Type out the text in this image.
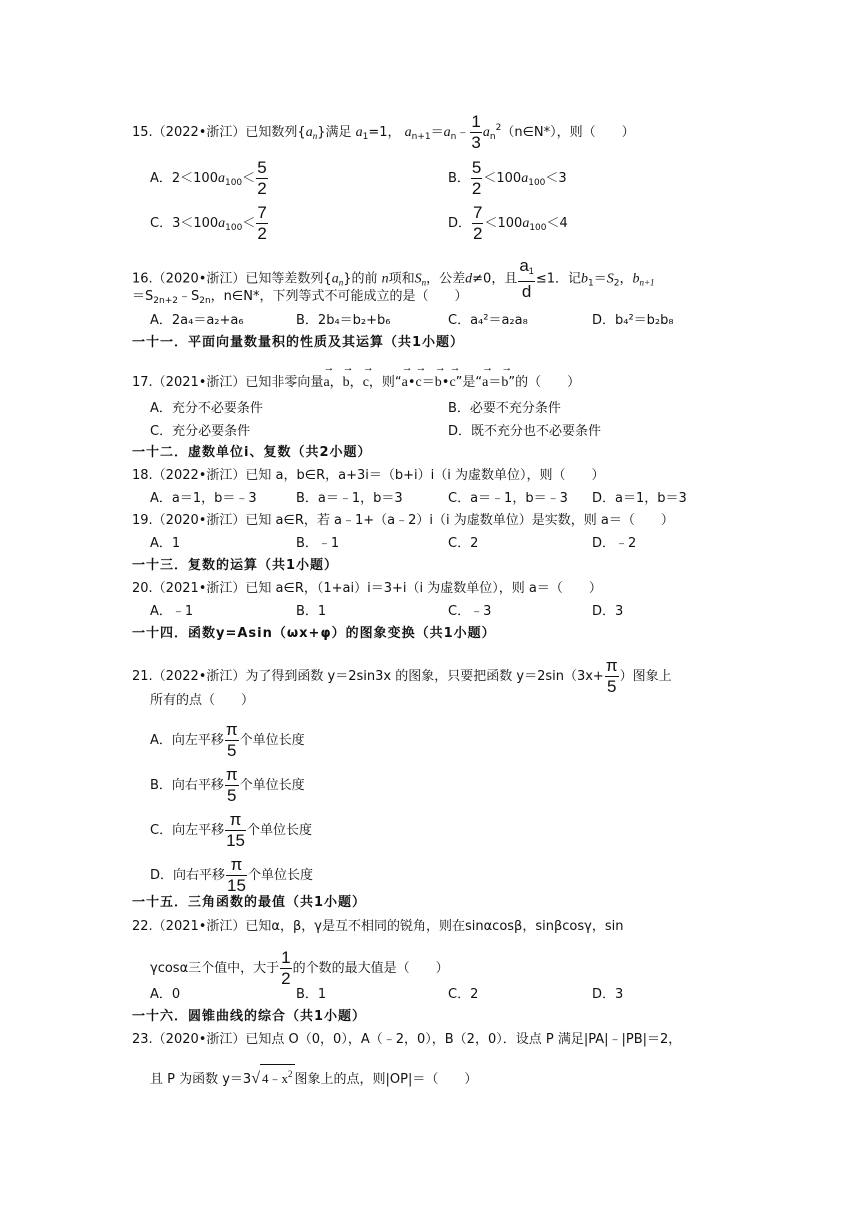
15.（2022•浙江）已知数列$\{a_n\}$满足 $a_1=1$， $a_{n+1}=a_n﹣ \frac{1}{3}$ $a_n^2(n\in N*)$，则（　　）
A．$2<100a_{100}< \frac{5}{2}$	B． $\frac{5}{2} <100a_{100}<3$
C．$3<100a_{100}< \frac{7}{2}$	D． $\frac{7}{2} <100a_{100}<4$
16.（2020•浙江）已知等差数列$\{a_n\}$的前 n项和$S_n$，公差d≠0，且 $\frac{a_1}{d} \le 1$．记$b_1=S_2$，$b_{n+1}$
$=S_{2n+2}﹣S_{2n}$，n∈N*，下列等式不可能成立的是（　　）
A．2a₄＝a₂+a₆	B．2b₄＝b₂+b₆	C．a₄²＝a₂a₈	D．b₄²＝b₂b₈
一十一．平面向量数量积的性质及其运算（共1小题）
17.（2021•浙江）已知非零向量→ a，→ b，→ c，则“→ a•→ c＝→ b•→ c”是“→ a＝→ b”的（　　）
A．充分不必要条件	B．必要不充分条件
C．充分必要条件	D．既不充分也不必要条件
一十二．虚数单位i、复数（共2小题）
18.（2022•浙江）已知 a，b∈R，a+3i＝（b+i）i（i 为虚数单位），则（　　）
A．a＝1，b＝﹣3	B．a＝﹣1，b＝3	C．a＝﹣1，b＝﹣3 D．a＝1，b＝3
19.（2020•浙江）已知 a∈R，若 a﹣1+（a﹣2）i（i 为虚数单位）是实数，则 a＝（　　）
A．1	B．﹣1	C．2	D．﹣2
一十三．复数的运算（共1小题）
20.（2021•浙江）已知 a∈R，（1+ai）i＝3+i（i 为虚数单位），则 a＝（　　）
A．﹣1	B．1	C．﹣3	D．3
一十四．函数y=Asin（ωx+φ）的图象变换（共1小题）
21.（2022•浙江）为了得到函数 y＝2sin3x 的图象，只要把函数 $y=2\sin(3x+ \frac{\pi}{5}$ ）图象上
所有的点（　　）
A．向左平移 $\frac{\pi}{5}$ 个单位长度
B．向右平移 $\frac{\pi}{5}$ 个单位长度
C．向左平移 $\frac{\pi}{15}$ 个单位长度
D．向右平移 $\frac{\pi}{15}$ 个单位长度
一十五．三角函数的最值（共1小题）
22.（2021•浙江）已知α，β，γ是互不相同的锐角，则在sinαcosβ，sinβcosγ，sin
γcosα三个值中，大于 $\frac{1}{2}$ 的个数的最大值是（　　）
A．0	B．1	C．2	D．3
一十六．圆锥曲线的综合（共1小题）
23.（2020•浙江）已知点 O（0，0），A（﹣2，0），B（2，0）．设点 P 满足|PA|﹣|PB|＝2，
且 P 为函数 y＝3√ $4﹣x^2$ 图象上的点，则|OP|＝（　　）
